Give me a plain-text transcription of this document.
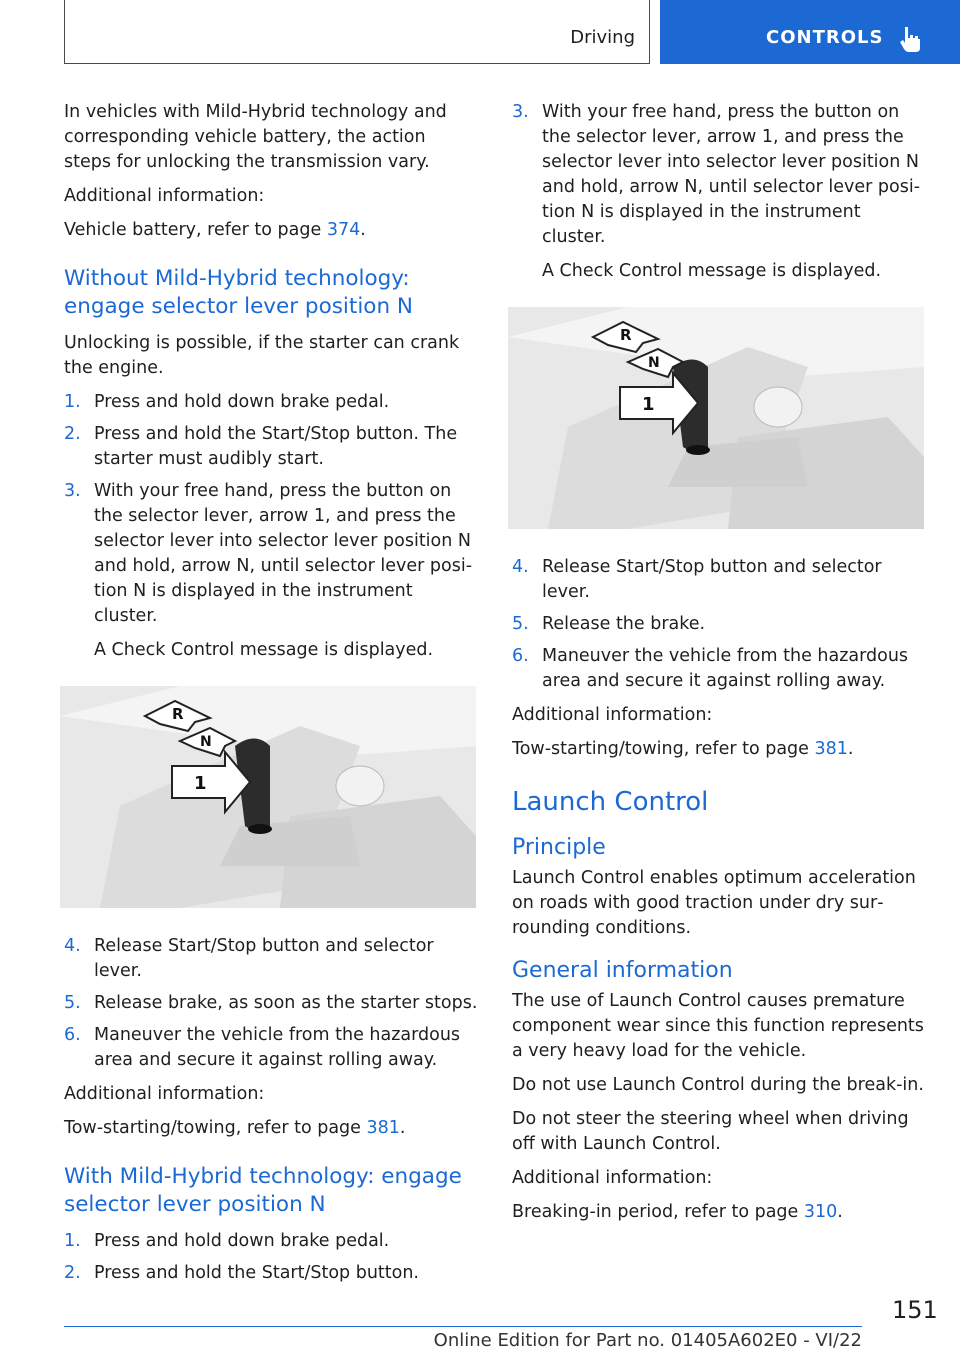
Driving	CONTROLS

In vehicles with Mild-Hybrid technology and corresponding vehicle battery, the action steps for unlocking the transmission vary.

Additional information:

Vehicle battery, refer to page 374.

Without Mild-Hybrid technology: engage selector lever position N

Unlocking is possible, if the starter can crank the engine.

1. Press and hold down brake pedal.
2. Press and hold the Start/Stop button. The starter must audibly start.
3. With your free hand, press the button on the selector lever, arrow 1, and press the selector lever into selector lever position N and hold, arrow N, until selector lever posi‐ tion N is displayed in the instrument cluster.
A Check Control message is displayed.
R
N
1
4. Release Start/Stop button and selector lever.
5. Release brake, as soon as the starter stops.
6. Maneuver the vehicle from the hazardous area and secure it against rolling away.

Additional information:

Tow-starting/towing, refer to page 381.

With Mild-Hybrid technology: engage selector lever position N
1. Press and hold down brake pedal.
2. Press and hold the Start/Stop button.
3. With your free hand, press the button on the selector lever, arrow 1, and press the selector lever into selector lever position N and hold, arrow N, until selector lever posi‐ tion N is displayed in the instrument cluster.
A Check Control message is displayed.
R
N
1
4. Release Start/Stop button and selector lever.
5. Release the brake.
6. Maneuver the vehicle from the hazardous area and secure it against rolling away.

Additional information:

Tow-starting/towing, refer to page 381.

Launch Control
Principle

Launch Control enables optimum acceleration on roads with good traction under dry sur‐ rounding conditions.

General information

The use of Launch Control causes premature component wear since this function represents a very heavy load for the vehicle.

Do not use Launch Control during the break-in.

Do not steer the steering wheel when driving off with Launch Control.

Additional information:

Breaking-in period, refer to page 310.

151
Online Edition for Part no. 01405A602E0 - VI/22
